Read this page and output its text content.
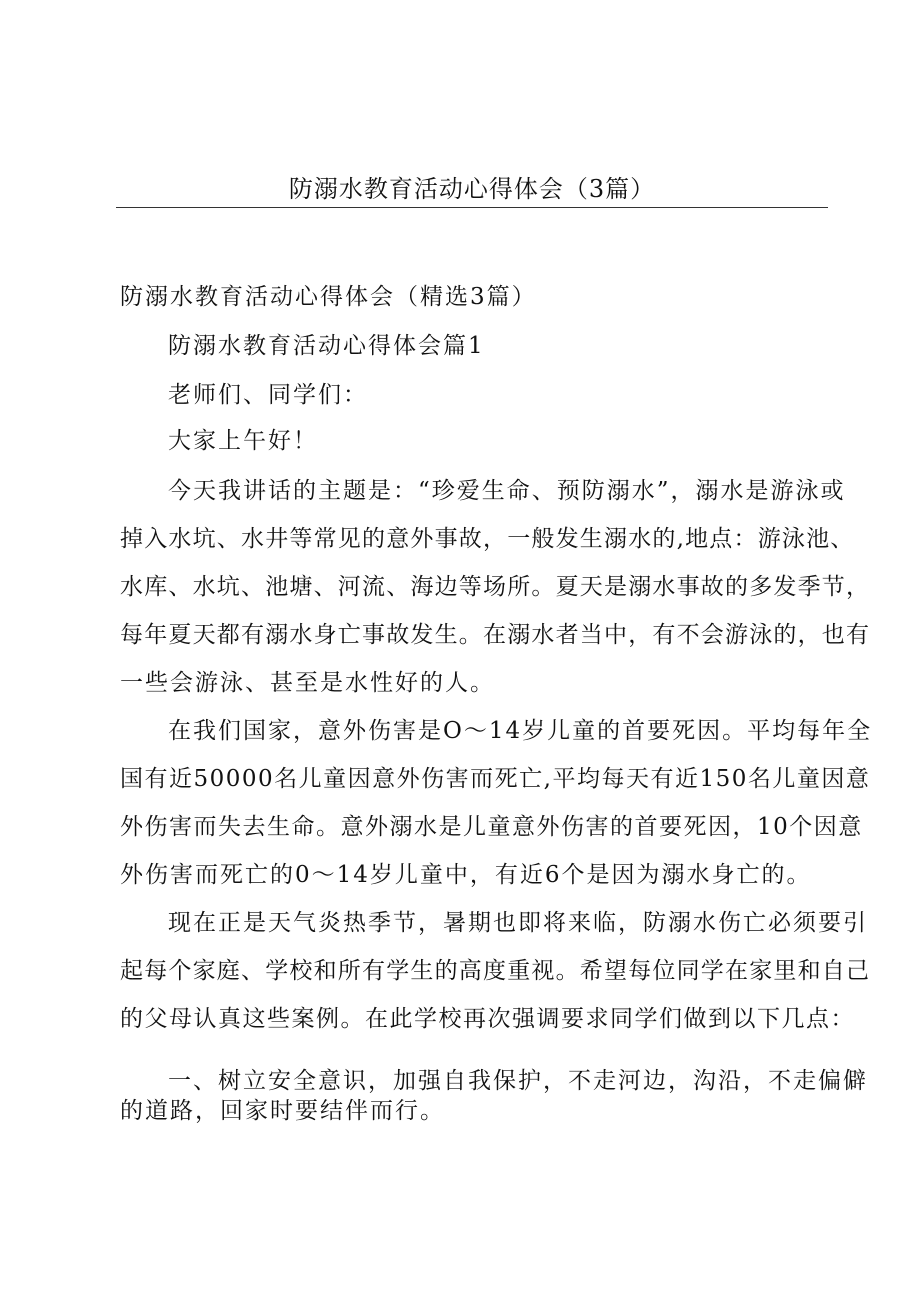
防溺水教育活动心得体会（3篇）
防溺水教育活动心得体会（精选3篇）
防溺水教育活动心得体会篇1
老师们、同学们：
大家上午好！
今天我讲话的主题是：“珍爱生命、预防溺水”，溺水是游泳或
掉入水坑、水井等常见的意外事故，一般发生溺水的,地点：游泳池、
水库、水坑、池塘、河流、海边等场所。夏天是溺水事故的多发季节，
每年夏天都有溺水身亡事故发生。在溺水者当中，有不会游泳的，也有
一些会游泳、甚至是水性好的人。
在我们国家，意外伤害是O～14岁儿童的首要死因。平均每年全
国有近50000名儿童因意外伤害而死亡,平均每天有近150名儿童因意
外伤害而失去生命。意外溺水是儿童意外伤害的首要死因，10个因意
外伤害而死亡的0～14岁儿童中，有近6个是因为溺水身亡的。
现在正是天气炎热季节，暑期也即将来临，防溺水伤亡必须要引
起每个家庭、学校和所有学生的高度重视。希望每位同学在家里和自己
的父母认真这些案例。在此学校再次强调要求同学们做到以下几点：
一、树立安全意识，加强自我保护，不走河边，沟沿，不走偏僻
的道路，回家时要结伴而行。
